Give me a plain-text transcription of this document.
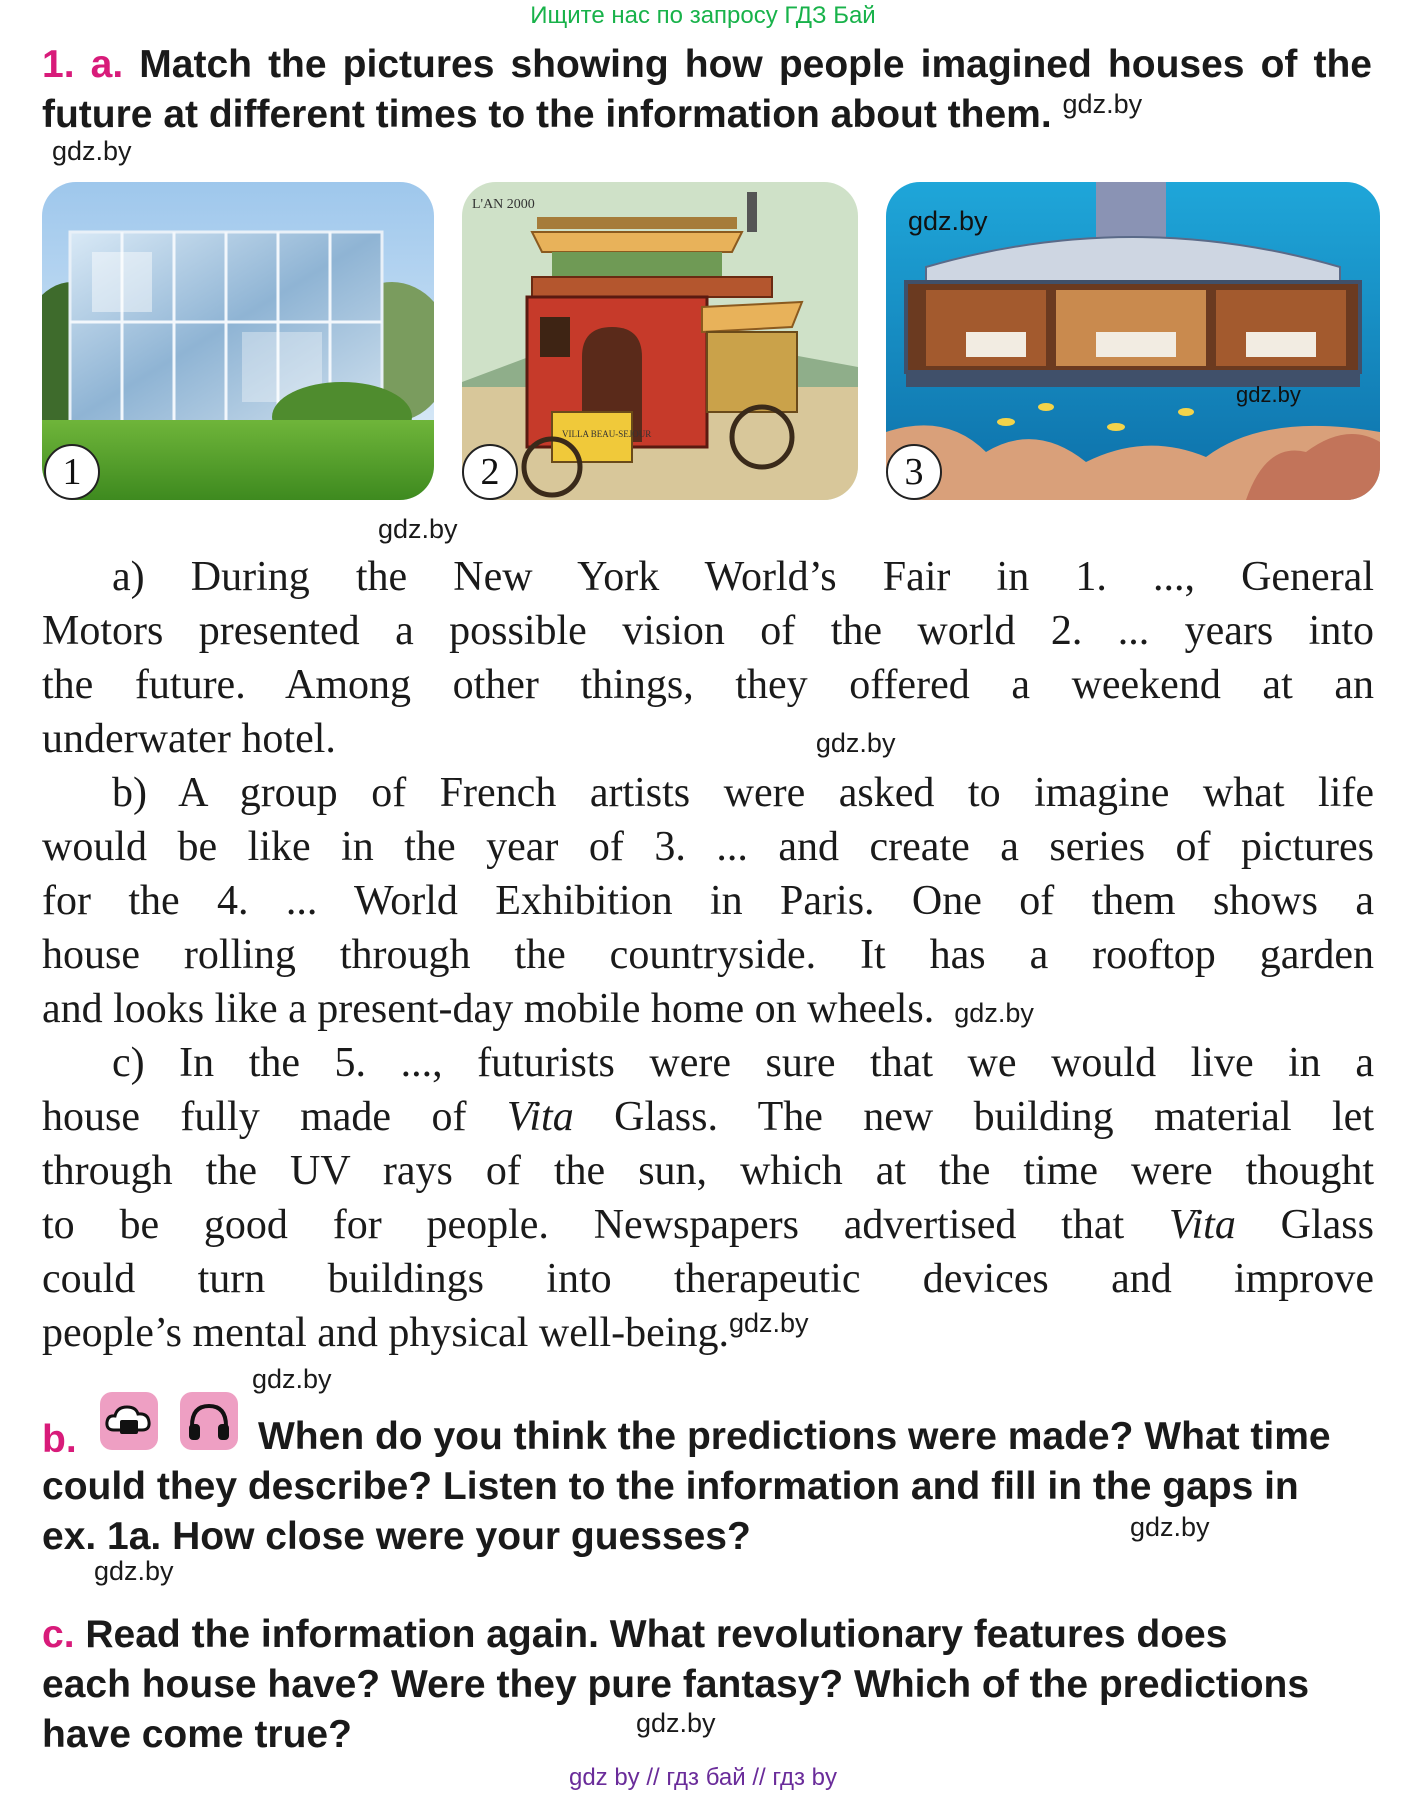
Ищите нас по запросу ГДЗ Бай
1. a. Match the pictures showing how people imagined houses of the future at different times to the information about them. $^{gdz.by}$
gdz.by
1
L'AN 2000
VILLA BEAU-SEJOUR
2
gdz.by
gdz.by
3
gdz.by
a) During the New York World’s Fair in 1. ..., General
Motors presented a possible vision of the world 2. ... years into
the future. Among other things, they offered a weekend at an
underwater hotel.	gdz.by
b) A group of French artists were asked to imagine what life
would be like in the year of 3. ... and create a series of pictures
for the 4. ... World Exhibition in Paris. One of them shows a
house rolling through the countryside. It has a rooftop garden
and looks like a present-day mobile home on wheels. gdz.by
c) In the 5. ..., futurists were sure that we would live in a
house fully made of Vita Glass. The new building material let
through the UV rays of the sun, which at the time were thought
to be good for people. Newspapers advertised that Vita Glass
could turn buildings into therapeutic devices and improve
people’s mental and physical well-being.$^{gdz.by}$
gdz.by
b.	When do you think the predictions were made? What time
could they describe? Listen to the information and fill in the gaps in
ex. 1a. How close were your guesses?	gdz.by
gdz.by
c. Read the information again. What revolutionary features does
each house have? Were they pure fantasy? Which of the predictions
have come true?	gdz.by
gdz by // гдз бай // гдз by
